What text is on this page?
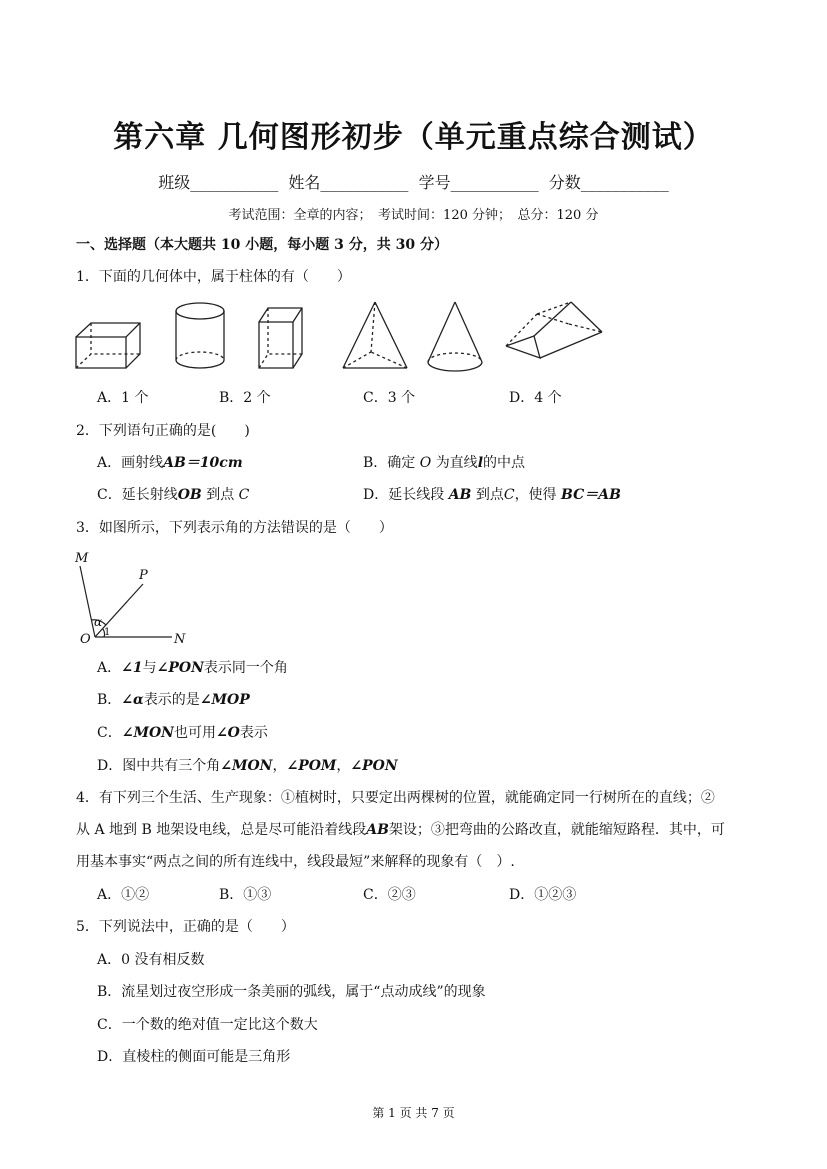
第六章 几何图形初步（单元重点综合测试）
班级___________ 姓名___________ 学号___________ 分数___________
考试范围：全章的内容；　考试时间：120 分钟；　总分：120 分
一、选择题（本大题共 10 小题，每小题 3 分，共 30 分）
1．下面的几何体中，属于柱体的有（　　）
A．1 个	B．2 个	C．3 个	D．4 个
2．下列语句正确的是(　　)
A．画射线AB＝10cm	B．确定 O 为直线l的中点
C．延长射线OB 到点 C	D．延长线段 AB 到点C，使得 BC＝AB
3．如图所示，下列表示角的方法错误的是（　　）
M
P
O	N
α
1
A．∠1与∠PON表示同一个角
B．∠α表示的是∠MOP
C．∠MON也可用∠O表示
D．图中共有三个角∠MON，∠POM，∠PON
4．有下列三个生活、生产现象：①植树时，只要定出两棵树的位置，就能确定同一行树所在的直线；②
从 A 地到 B 地架设电线，总是尽可能沿着线段AB架设；③把弯曲的公路改直，就能缩短路程．其中，可
用基本事实“两点之间的所有连线中，线段最短”来解释的现象有（　）.
A．①②	B．①③	C．②③	D．①②③
5．下列说法中，正确的是（　　）
A．0 没有相反数
B．流星划过夜空形成一条美丽的弧线，属于“点动成线”的现象
C．一个数的绝对值一定比这个数大
D．直棱柱的侧面可能是三角形
第 1 页 共 7 页
